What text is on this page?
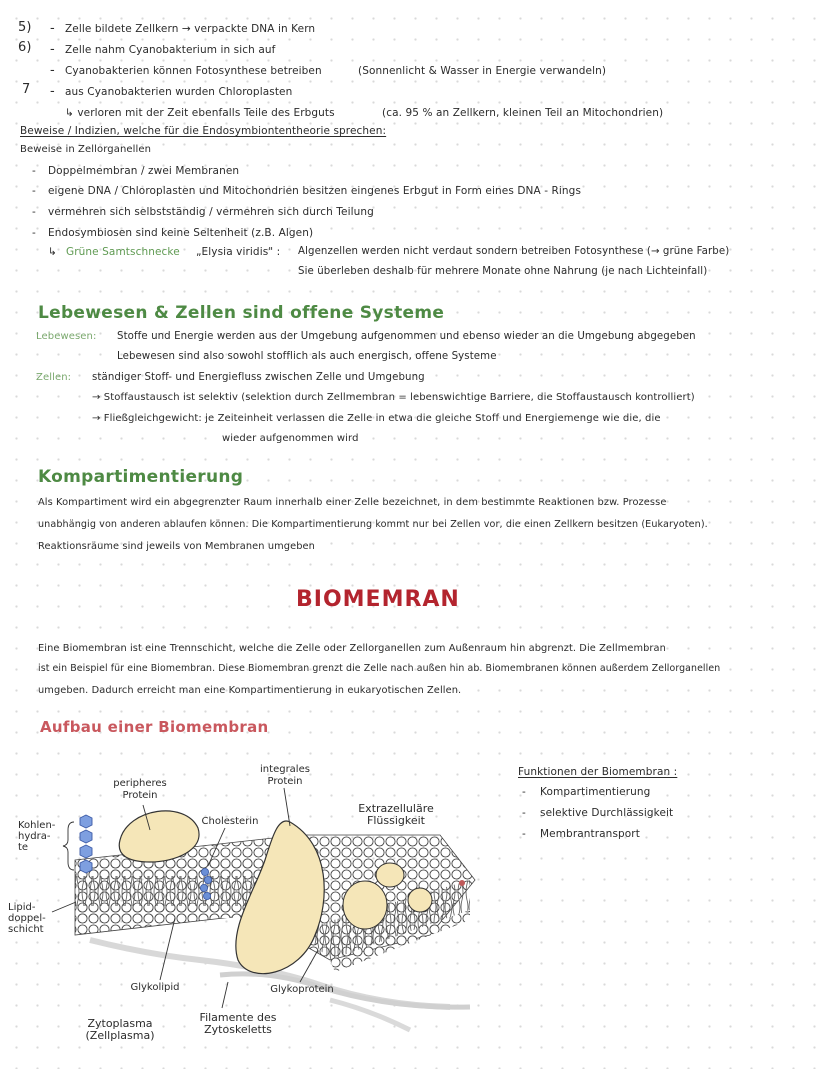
5) - Zelle bildete Zellkern → verpackte DNA in Kern
6) - Zelle nahm Cyanobakterium in sich auf
- Cyanobakterien können Fotosynthese betreiben	(Sonnenlicht & Wasser in Energie verwandeln)
7 - aus Cyanobakterien wurden Chloroplasten
↳ verloren mit der Zeit ebenfalls Teile des Erbguts	(ca. 95 % an Zellkern, kleinen Teil an Mitochondrien)
Beweise / Indizien, welche für die Endosymbiontentheorie sprechen:
Beweise in Zellorganellen
- Doppelmembran / zwei Membranen
- eigene DNA / Chloroplasten und Mitochondrien besitzen eingenes Erbgut in Form eines DNA - Rings
- vermehren sich selbstständig / vermehren sich durch Teilung
- Endosymbiosen sind keine Seltenheit (z.B. Algen)
↳ Grüne Samtschnecke „Elysia viridis" : Algenzellen werden nicht verdaut sondern betreiben Fotosynthese (→ grüne Farbe)
Sie überleben deshalb für mehrere Monate ohne Nahrung (je nach Lichteinfall)
Lebewesen & Zellen sind offene Systeme
Lebewesen: Stoffe und Energie werden aus der Umgebung aufgenommen und ebenso wieder an die Umgebung abgegeben
Lebewesen sind also sowohl stofflich als auch energisch, offene Systeme
Zellen: ständiger Stoff- und Energiefluss zwischen Zelle und Umgebung
→ Stoffaustausch ist selektiv (selektion durch Zellmembran = lebenswichtige Barriere, die Stoffaustausch kontrolliert)
→ Fließgleichgewicht: je Zeiteinheit verlassen die Zelle in etwa die gleiche Stoff und Energiemenge wie die, die
wieder aufgenommen wird
Kompartimentierung
Als Kompartiment wird ein abgegrenzter Raum innerhalb einer Zelle bezeichnet, in dem bestimmte Reaktionen bzw. Prozesse
unabhängig von anderen ablaufen können. Die Kompartimentierung kommt nur bei Zellen vor, die einen Zellkern besitzen (Eukaryoten).
Reaktionsräume sind jeweils von Membranen umgeben
BIOMEMRAN
Eine Biomembran ist eine Trennschicht, welche die Zelle oder Zellorganellen zum Außenraum hin abgrenzt. Die Zellmembran
ist ein Beispiel für eine Biomembran. Diese Biomembran grenzt die Zelle nach außen hin ab. Biomembranen können außerdem Zellorganellen
umgeben. Dadurch erreicht man eine Kompartimentierung in eukaryotischen Zellen.
Aufbau einer Biomembran
Funktionen der Biomembran :
- Kompartimentierung
- selektive Durchlässigkeit
- Membrantransport
peripheres Protein
integrales Protein
Cholesterin
Extrazelluläre Flüssigkeit
Kohlen- hydra- te
Lipid- doppel- schicht
Glykolipid	Glykoprotein
Filamente des Zytoskeletts
Zytoplasma (Zellplasma)
